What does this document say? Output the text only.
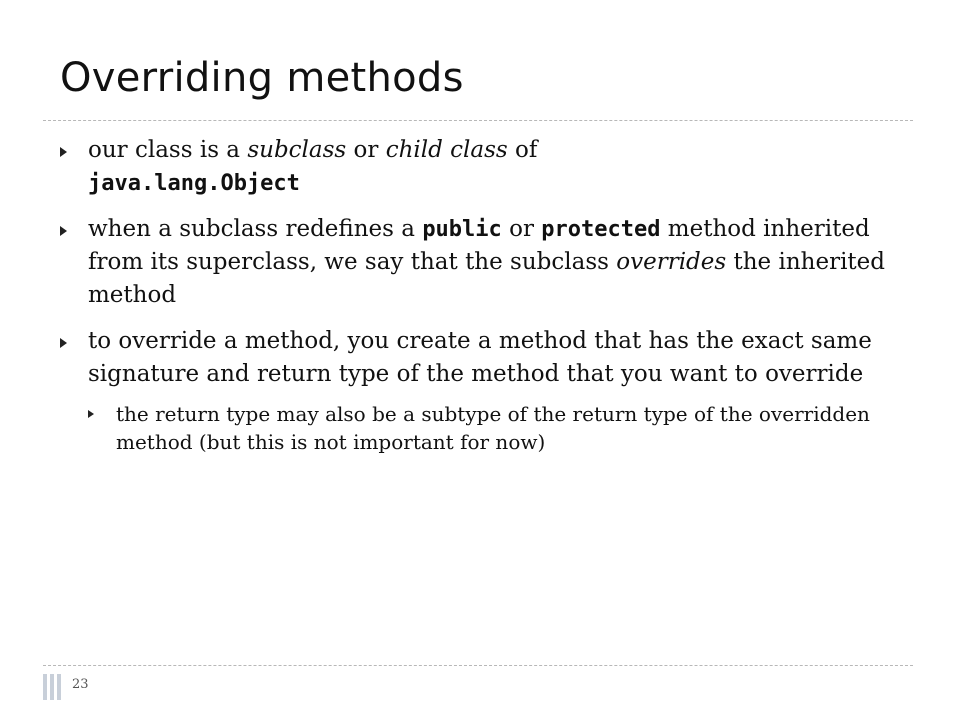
Overriding methods
our class is a subclass or child class of
java.lang.Object
when a subclass redefines a public or protected method inherited from its superclass, we say that the subclass overrides the inherited method
to override a method, you create a method that has the exact same signature and return type of the method that you want to override
the return type may also be a subtype of the return type of the overridden method (but this is not important for now)
23
